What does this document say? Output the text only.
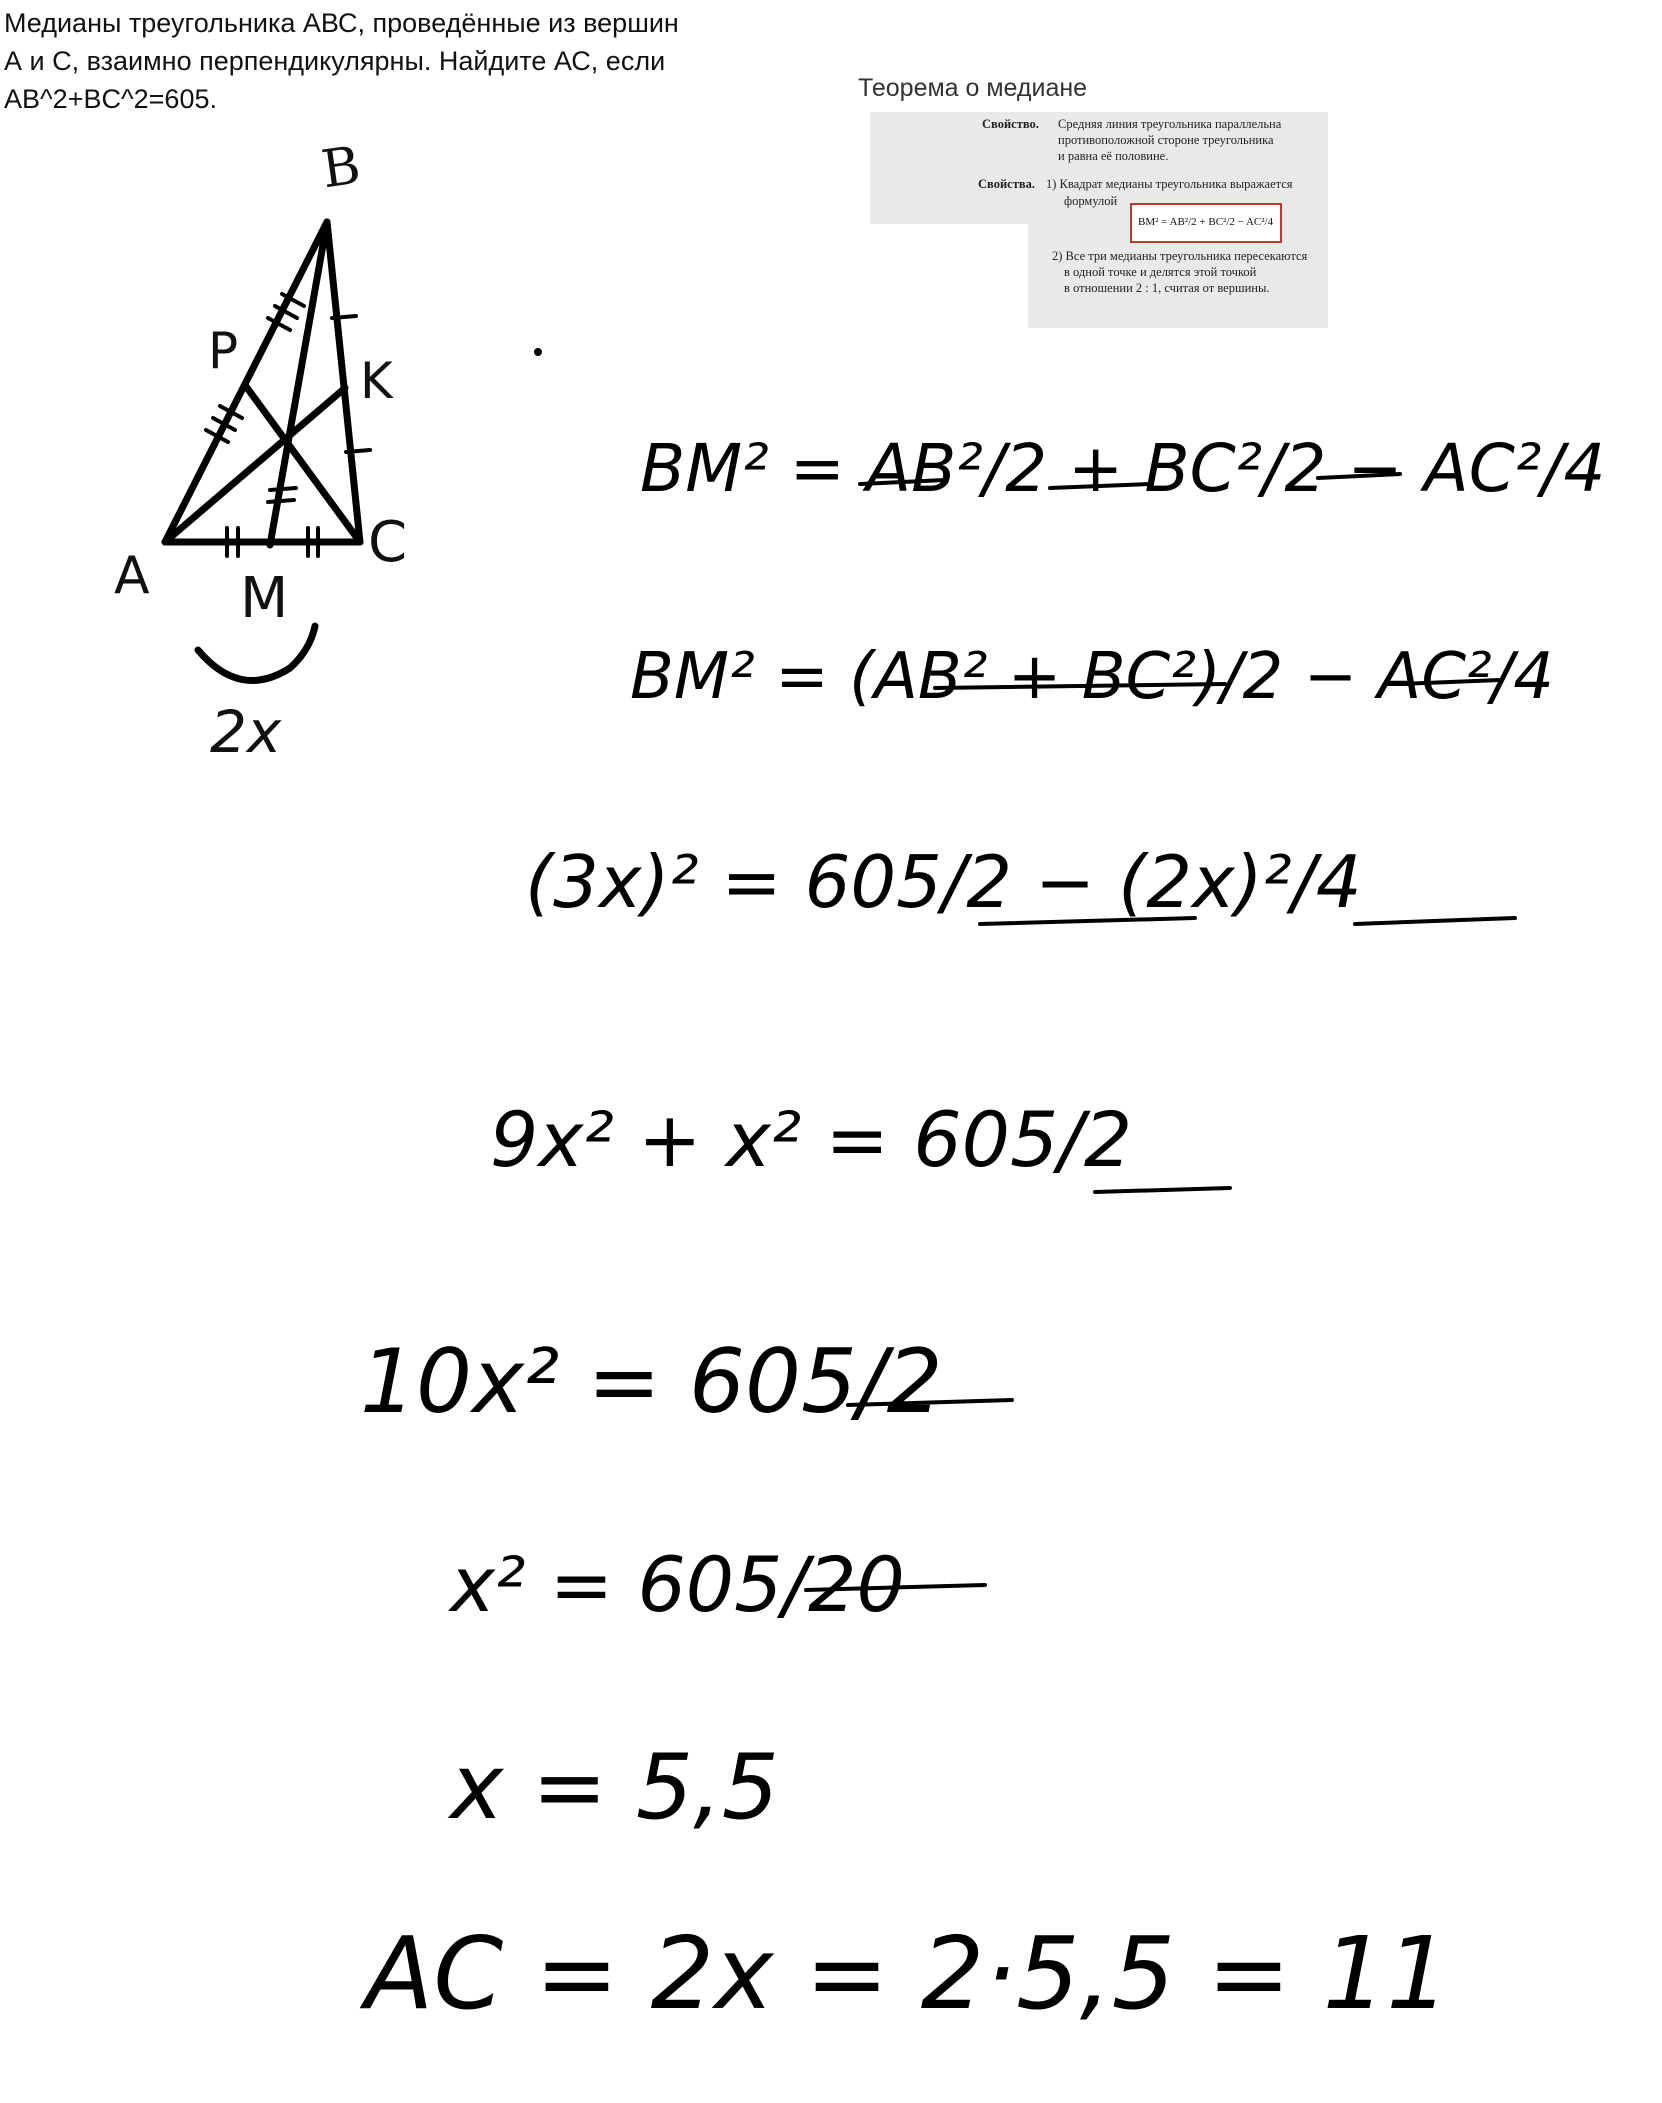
Медианы треугольника АВС, проведённые из вершин
А и С, взаимно перпендикулярны. Найдите АС, если
AB^2+BC^2=605.	Теорема о медиане
Свойство. Средняя линия треугольника параллельна
противоположной стороне треугольника
и равна её половине.
Свойства. 1) Квадрат медианы треугольника выражается
формулой
BM² = AB²/2 + BC²/2 − AC²/4
2) Все три медианы треугольника пересекаются
в одной точке и делятся этой точкой
в отношении 2 : 1, считая от вершины.
B
P
K
A
C
M
2x
BM² = AB²/2 + BC²/2 − AC²/4
BM² = (AB² + BC²)/2 − AC²/4
(3x)² = 605/2 − (2x)²/4
9x² + x² = 605/2
10x² = 605/2
x² = 605/20
x = 5,5
AC = 2x = 2·5,5 = 11
